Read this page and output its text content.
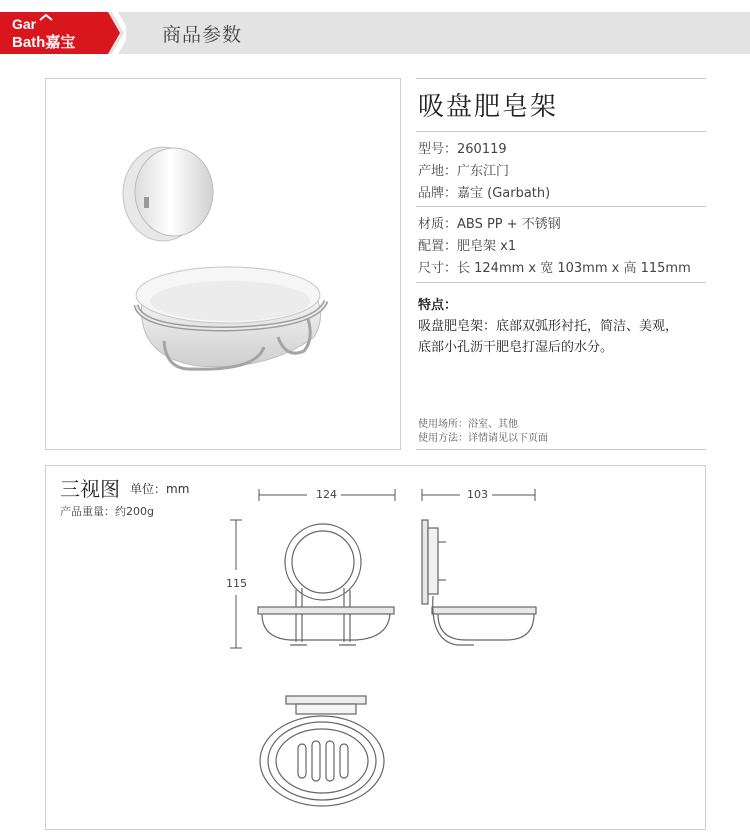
Gar
Bath嘉宝	商品参数
吸盘肥皂架
型号：260119
产地：广东江门
品牌：嘉宝 (Garbath)
材质：ABS PP + 不锈钢
配置：肥皂架 x1
尺寸：长 124mm x 宽 103mm x 高 115mm
特点：
吸盘肥皂架：底部双弧形衬托，简洁、美观，
底部小孔沥干肥皂打湿后的水分。
使用场所：浴室、其他
使用方法：详情请见以下页面
三视图 单位：mm
产品重量：约200g
124	103
115
